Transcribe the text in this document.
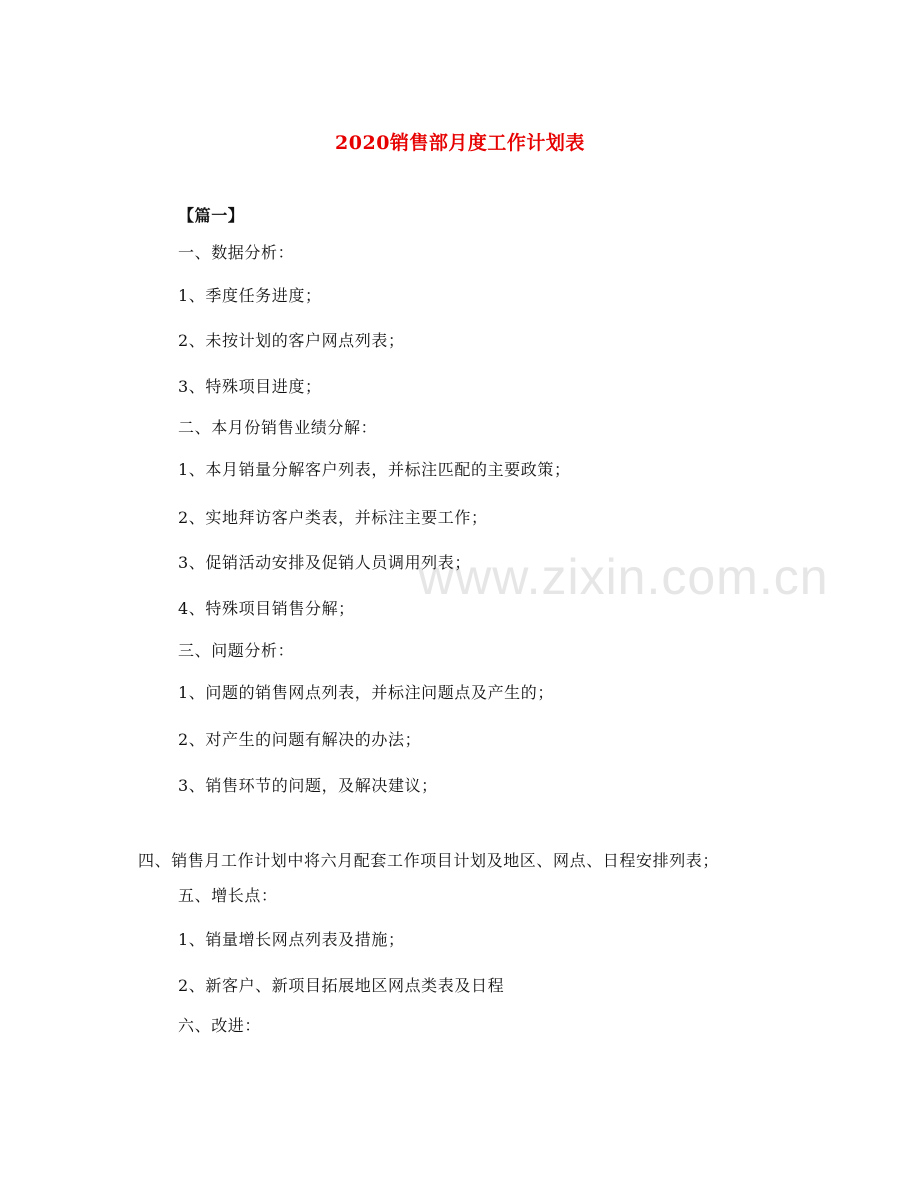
www.zixin.com.cn
2020销售部月度工作计划表
【篇一】
一、数据分析：
1、季度任务进度；
2、未按计划的客户网点列表；
3、特殊项目进度；
二、本月份销售业绩分解：
1、本月销量分解客户列表，并标注匹配的主要政策；
2、实地拜访客户类表，并标注主要工作；
3、促销活动安排及促销人员调用列表；
4、特殊项目销售分解；
三、问题分析：
1、问题的销售网点列表，并标注问题点及产生的；
2、对产生的问题有解决的办法；
3、销售环节的问题，及解决建议；
四、销售月工作计划中将六月配套工作项目计划及地区、网点、日程安排列表；
五、增长点：
1、销量增长网点列表及措施；
2、新客户、新项目拓展地区网点类表及日程
六、改进：
